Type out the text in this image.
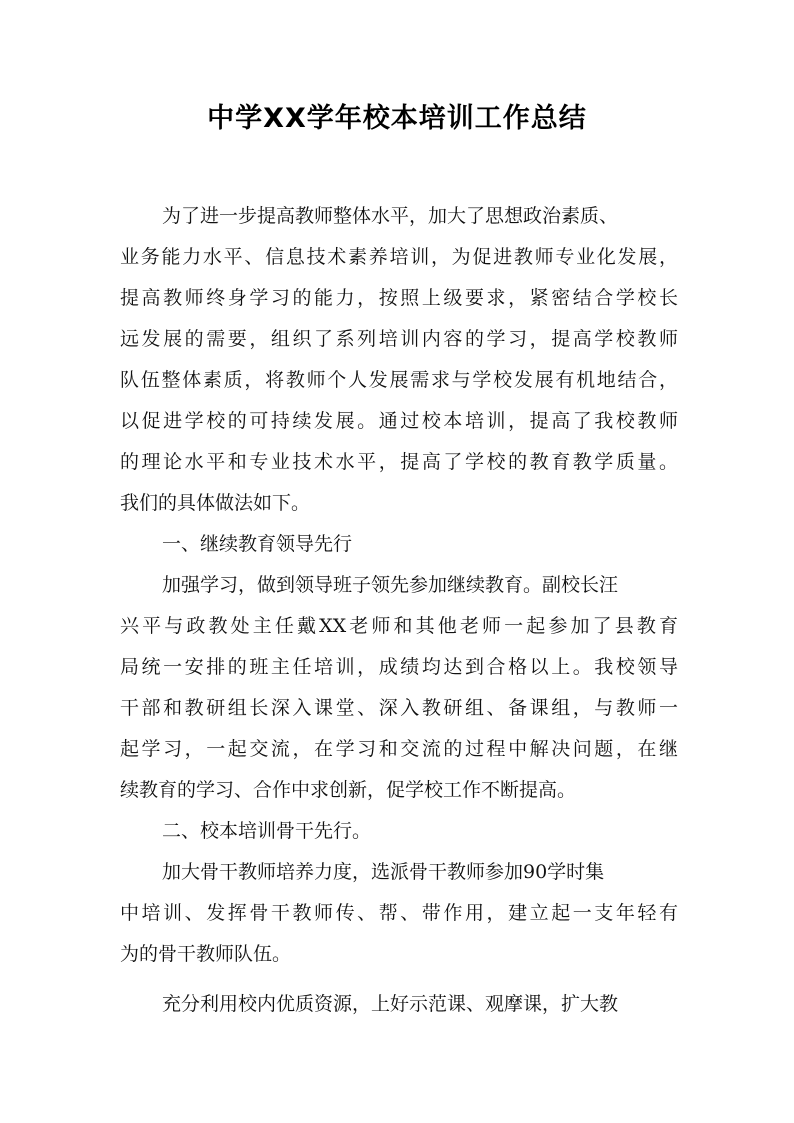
中学XX学年校本培训工作总结
为了进一步提高教师整体水平，加大了思想政治素质、
业务能力水平、信息技术素养培训，为促进教师专业化发展，
提高教师终身学习的能力，按照上级要求，紧密结合学校长
远发展的需要，组织了系列培训内容的学习，提高学校教师
队伍整体素质，将教师个人发展需求与学校发展有机地结合，
以促进学校的可持续发展。通过校本培训，提高了我校教师
的理论水平和专业技术水平，提高了学校的教育教学质量。
我们的具体做法如下。
一、继续教育领导先行
加强学习，做到领导班子领先参加继续教育。副校长汪
兴平与政教处主任戴XX老师和其他老师一起参加了县教育
局统一安排的班主任培训，成绩均达到合格以上。我校领导
干部和教研组长深入课堂、深入教研组、备课组，与教师一
起学习，一起交流，在学习和交流的过程中解决问题，在继
续教育的学习、合作中求创新，促学校工作不断提高。
二、校本培训骨干先行。
加大骨干教师培养力度，选派骨干教师参加90学时集
中培训、发挥骨干教师传、帮、带作用，建立起一支年轻有
为的骨干教师队伍。
充分利用校内优质资源，上好示范课、观摩课，扩大教
